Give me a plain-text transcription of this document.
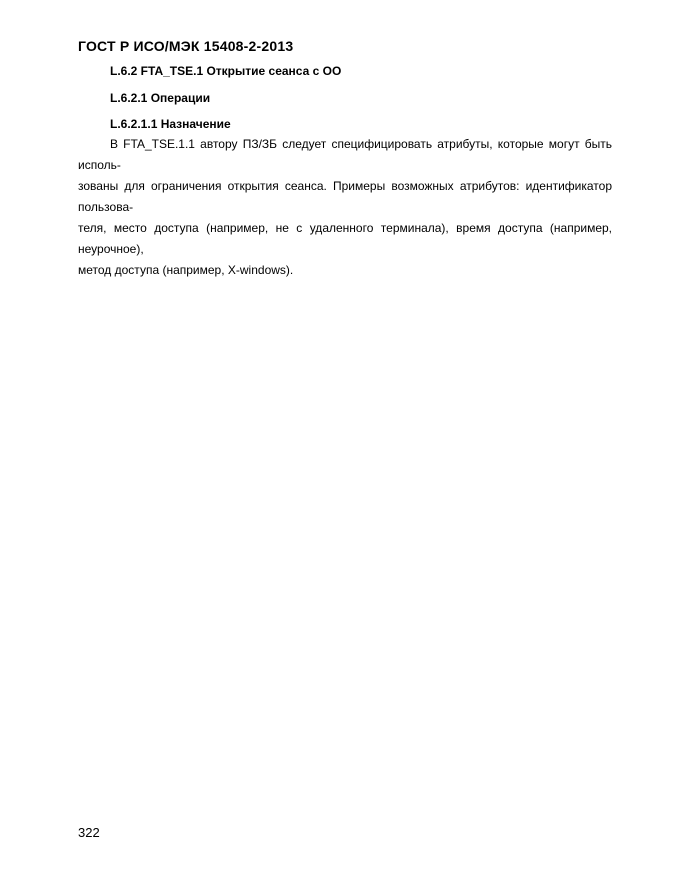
ГОСТ Р ИСО/МЭК 15408-2-2013
L.6.2 FTA_TSE.1 Открытие сеанса с ОО
L.6.2.1 Операции
L.6.2.1.1 Назначение
В FTA_TSE.1.1 автору ПЗ/ЗБ следует специфицировать атрибуты, которые могут быть исполь-
зованы для ограничения открытия сеанса. Примеры возможных атрибутов: идентификатор пользова-
теля, место доступа (например, не с удаленного терминала), время доступа (например, неурочное),
метод доступа (например, X-windows).
322
